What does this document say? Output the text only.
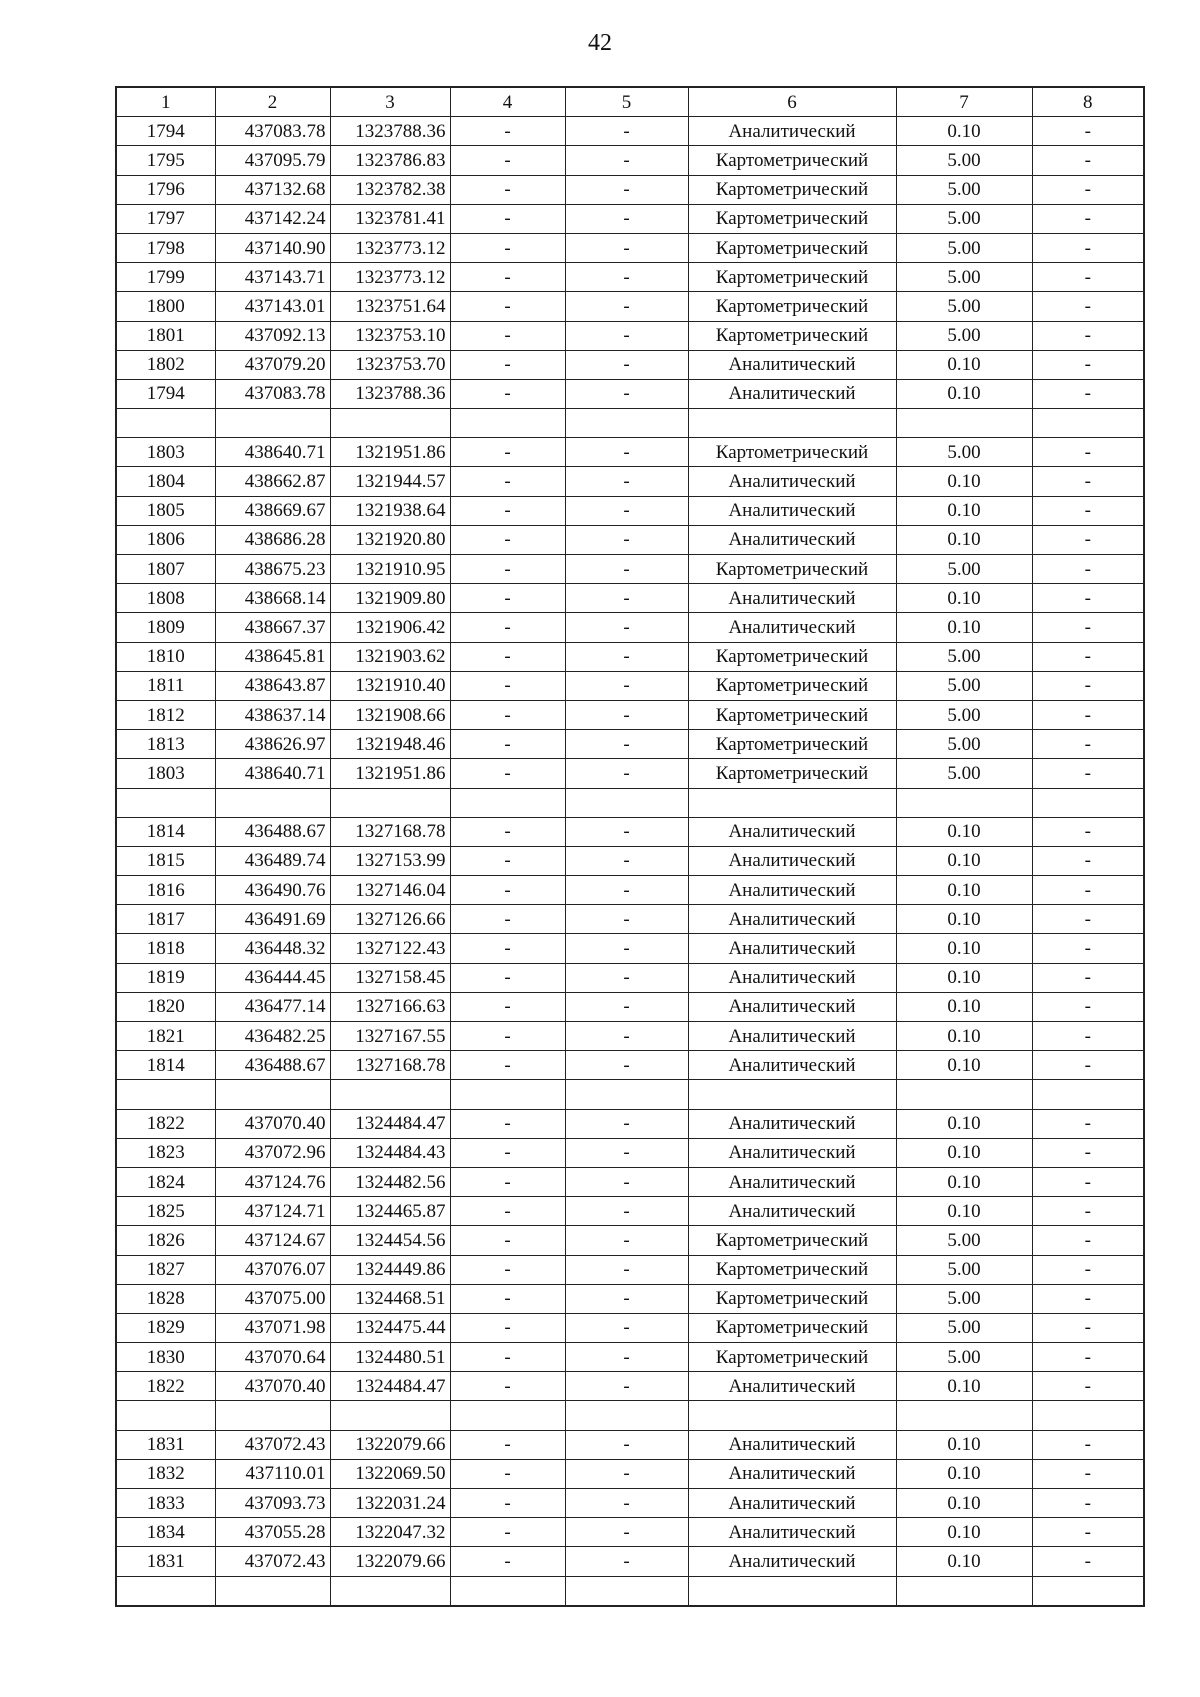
42
1	2	3	4	5	6	7	8
1794	437083.78	1323788.36	-	-	Аналитический	0.10	-
1795	437095.79	1323786.83	-	-	Картометрический	5.00	-
1796	437132.68	1323782.38	-	-	Картометрический	5.00	-
1797	437142.24	1323781.41	-	-	Картометрический	5.00	-
1798	437140.90	1323773.12	-	-	Картометрический	5.00	-
1799	437143.71	1323773.12	-	-	Картометрический	5.00	-
1800	437143.01	1323751.64	-	-	Картометрический	5.00	-
1801	437092.13	1323753.10	-	-	Картометрический	5.00	-
1802	437079.20	1323753.70	-	-	Аналитический	0.10	-
1794	437083.78	1323788.36	-	-	Аналитический	0.10	-

1803	438640.71	1321951.86	-	-	Картометрический	5.00	-
1804	438662.87	1321944.57	-	-	Аналитический	0.10	-
1805	438669.67	1321938.64	-	-	Аналитический	0.10	-
1806	438686.28	1321920.80	-	-	Аналитический	0.10	-
1807	438675.23	1321910.95	-	-	Картометрический	5.00	-
1808	438668.14	1321909.80	-	-	Аналитический	0.10	-
1809	438667.37	1321906.42	-	-	Аналитический	0.10	-
1810	438645.81	1321903.62	-	-	Картометрический	5.00	-
1811	438643.87	1321910.40	-	-	Картометрический	5.00	-
1812	438637.14	1321908.66	-	-	Картометрический	5.00	-
1813	438626.97	1321948.46	-	-	Картометрический	5.00	-
1803	438640.71	1321951.86	-	-	Картометрический	5.00	-

1814	436488.67	1327168.78	-	-	Аналитический	0.10	-
1815	436489.74	1327153.99	-	-	Аналитический	0.10	-
1816	436490.76	1327146.04	-	-	Аналитический	0.10	-
1817	436491.69	1327126.66	-	-	Аналитический	0.10	-
1818	436448.32	1327122.43	-	-	Аналитический	0.10	-
1819	436444.45	1327158.45	-	-	Аналитический	0.10	-
1820	436477.14	1327166.63	-	-	Аналитический	0.10	-
1821	436482.25	1327167.55	-	-	Аналитический	0.10	-
1814	436488.67	1327168.78	-	-	Аналитический	0.10	-

1822	437070.40	1324484.47	-	-	Аналитический	0.10	-
1823	437072.96	1324484.43	-	-	Аналитический	0.10	-
1824	437124.76	1324482.56	-	-	Аналитический	0.10	-
1825	437124.71	1324465.87	-	-	Аналитический	0.10	-
1826	437124.67	1324454.56	-	-	Картометрический	5.00	-
1827	437076.07	1324449.86	-	-	Картометрический	5.00	-
1828	437075.00	1324468.51	-	-	Картометрический	5.00	-
1829	437071.98	1324475.44	-	-	Картометрический	5.00	-
1830	437070.64	1324480.51	-	-	Картометрический	5.00	-
1822	437070.40	1324484.47	-	-	Аналитический	0.10	-

1831	437072.43	1322079.66	-	-	Аналитический	0.10	-
1832	437110.01	1322069.50	-	-	Аналитический	0.10	-
1833	437093.73	1322031.24	-	-	Аналитический	0.10	-
1834	437055.28	1322047.32	-	-	Аналитический	0.10	-
1831	437072.43	1322079.66	-	-	Аналитический	0.10	-
